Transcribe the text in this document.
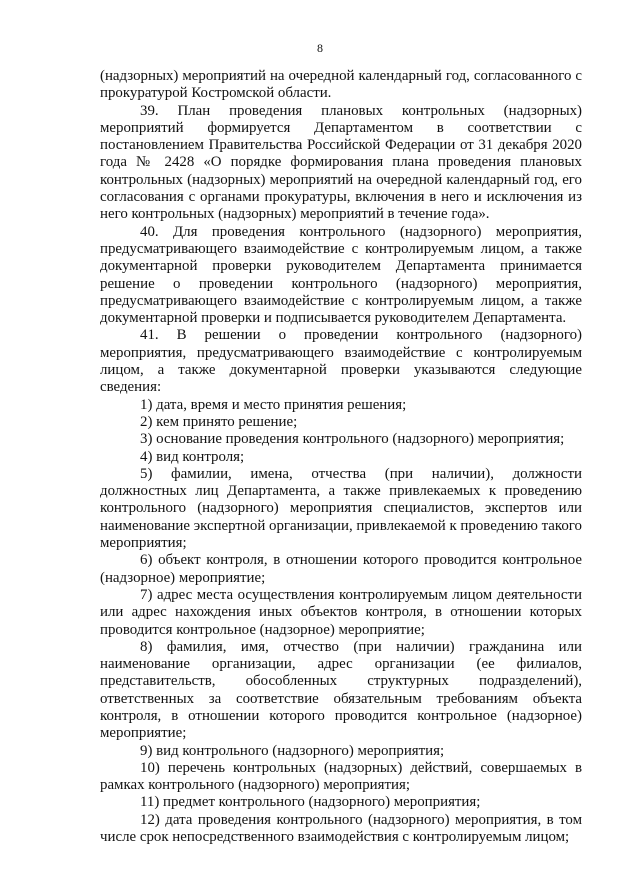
8

(надзорных) мероприятий на очередной календарный год, согласованного с прокуратурой Костромской области.

39. План проведения плановых контрольных (надзорных) мероприятий формируется Департаментом в соответствии с постановлением Правительства Российской Федерации от 31 декабря 2020 года № 2428 «О порядке формирования плана проведения плановых контрольных (надзорных) мероприятий на очередной календарный год, его согласования с органами прокуратуры, включения в него и исключения из него контрольных (надзорных) мероприятий в течение года».

40. Для проведения контрольного (надзорного) мероприятия, предусматривающего взаимодействие с контролируемым лицом, а также документарной проверки руководителем Департамента принимается решение о проведении контрольного (надзорного) мероприятия, предусматривающего взаимодействие с контролируемым лицом, а также документарной проверки и подписывается руководителем Департамента.

41. В решении о проведении контрольного (надзорного) мероприятия, предусматривающего взаимодействие с контролируемым лицом, а также документарной проверки указываются следующие сведения:

1) дата, время и место принятия решения;

2) кем принято решение;

3) основание проведения контрольного (надзорного) мероприятия;

4) вид контроля;

5) фамилии, имена, отчества (при наличии), должности должностных лиц Департамента, а также привлекаемых к проведению контрольного (надзорного) мероприятия специалистов, экспертов или наименование экспертной организации, привлекаемой к проведению такого мероприятия;

6) объект контроля, в отношении которого проводится контрольное (надзорное) мероприятие;

7) адрес места осуществления контролируемым лицом деятельности или адрес нахождения иных объектов контроля, в отношении которых проводится контрольное (надзорное) мероприятие;

8) фамилия, имя, отчество (при наличии) гражданина или наименование организации, адрес организации (ее филиалов, представительств, обособленных структурных подразделений), ответственных за соответствие обязательным требованиям объекта контроля, в отношении которого проводится контрольное (надзорное) мероприятие;

9) вид контрольного (надзорного) мероприятия;

10) перечень контрольных (надзорных) действий, совершаемых в рамках контрольного (надзорного) мероприятия;

11) предмет контрольного (надзорного) мероприятия;

12) дата проведения контрольного (надзорного) мероприятия, в том числе срок непосредственного взаимодействия с контролируемым лицом;
